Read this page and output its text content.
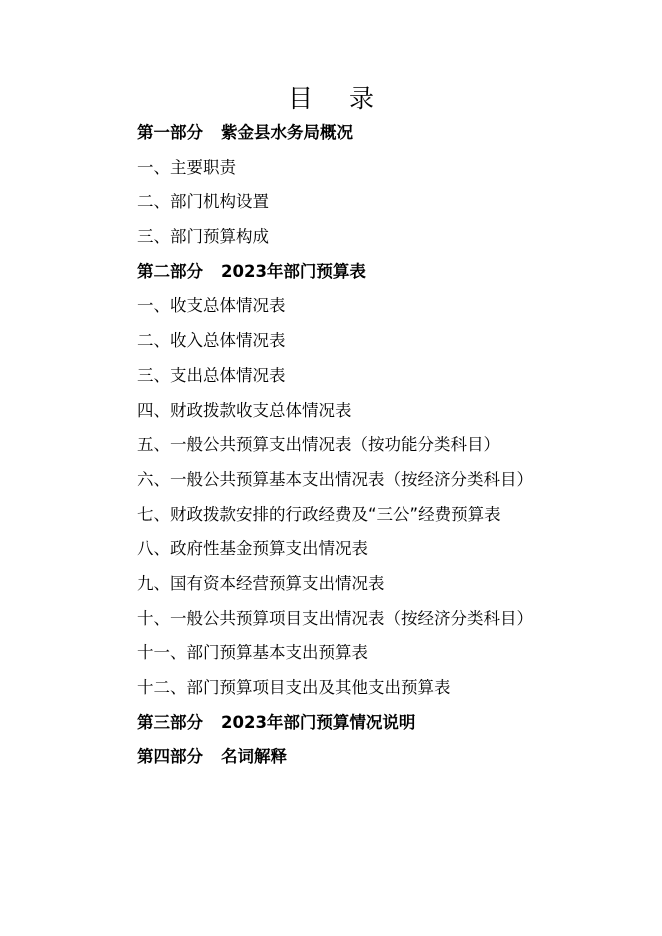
目 录
第一部分 紫金县水务局概况
一、主要职责
二、部门机构设置
三、部门预算构成
第二部分 2023年部门预算表
一、收支总体情况表
二、收入总体情况表
三、支出总体情况表
四、财政拨款收支总体情况表
五、一般公共预算支出情况表（按功能分类科目）
六、一般公共预算基本支出情况表（按经济分类科目）
七、财政拨款安排的行政经费及“三公”经费预算表
八、政府性基金预算支出情况表
九、国有资本经营预算支出情况表
十、一般公共预算项目支出情况表（按经济分类科目）
十一、部门预算基本支出预算表
十二、部门预算项目支出及其他支出预算表
第三部分 2023年部门预算情况说明
第四部分 名词解释
